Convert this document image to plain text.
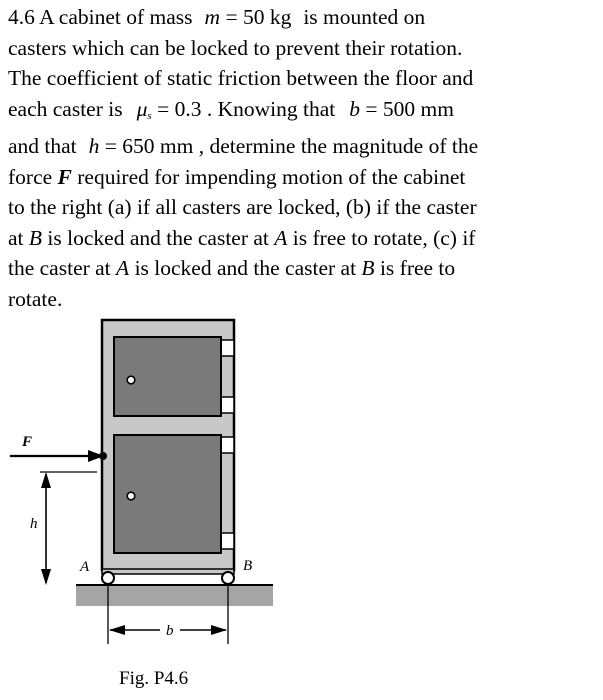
4.6 A cabinet of mass m = 50 kg is mounted on
casters which can be locked to prevent their rotation.
The coefficient of static friction between the floor and
each caster is $\mu_s = 0.3$ . Knowing that b = 500 mm
and that h = 650 mm , determine the magnitude of the
force F required for impending motion of the cabinet
to the right (a) if all casters are locked, (b) if the caster
at B is locked and the caster at A is free to rotate, (c) if
the caster at A is locked and the caster at B is free to
rotate.
F
h
A	B
b
Fig. P4.6
